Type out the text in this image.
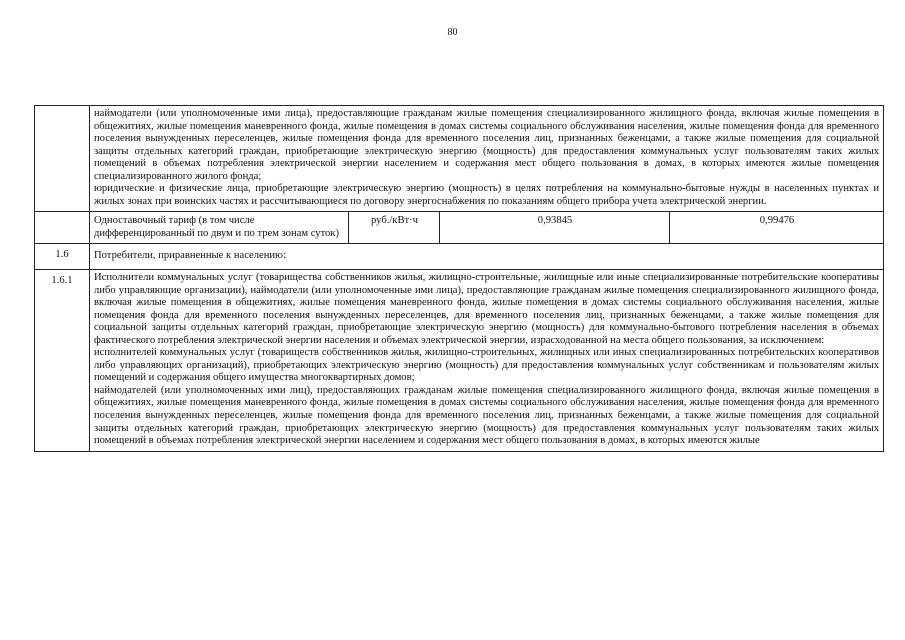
80

наймодатели (или уполномоченные ими лица), предоставляющие гражданам жилые помещения специализированного жилищного фонда, включая жилые помещения в общежитиях, жилые помещения маневренного фонда, жилые помещения в домах системы социального обслуживания населения, жилые помещения фонда для временного поселения вынужденных переселенцев, жилые помещения фонда для временного поселения лиц, признанных беженцами, а также жилые помещения для социальной защиты отдельных категорий граждан, приобретающие электрическую энергию (мощность) для предоставления коммунальных услуг пользователям таких жилых помещений в объемах потребления электрической энергии населением и содержания мест общего пользования в домах, в которых имеются жилые помещения специализированного жилого фонда;

юридические и физические лица, приобретающие электрическую энергию (мощность) в целях потребления на коммунально-бытовые нужды в населенных пунктах и жилых зонах при воинских частях и рассчитывающиеся по договору энергоснабжения по показаниям общего прибора учета электрической энергии.

Одноставочный тариф (в том числе дифференцированный по двум и по трем зонам суток)	руб./кВт·ч	0,93845	0,99476

1.6	Потребители, приравненные к населению:

1.6.1	Исполнители коммунальных услуг (товарищества собственников жилья, жилищно-строительные, жилищные или иные специализированные потребительские кооперативы либо управляющие организации), наймодатели (или уполномоченные ими лица), предоставляющие гражданам жилые помещения специализированного жилищного фонда, включая жилые помещения в общежитиях, жилые помещения маневренного фонда, жилые помещения в домах системы социального обслуживания населения, жилые помещения фонда для временного поселения вынужденных переселенцев, для временного поселения лиц, признанных беженцами, а также жилые помещения для социальной защиты отдельных категорий граждан, приобретающие электрическую энергию (мощность) для коммунально-бытового потребления населения в объемах фактического потребления электрической энергии населения и объемах электрической энергии, израсходованной на места общего пользования, за исключением:

исполнителей коммунальных услуг (товариществ собственников жилья, жилищно-строительных, жилищных или иных специализированных потребительских кооперативов либо управляющих организаций), приобретающих электрическую энергию (мощность) для предоставления коммунальных услуг собственникам и пользователям жилых помещений и содержания общего имущества многоквартирных домов;

наймодателей (или уполномоченных ими лиц), предоставляющих гражданам жилые помещения специализированного жилищного фонда, включая жилые помещения в общежитиях, жилые помещения маневренного фонда, жилые помещения в домах системы социального обслуживания населения, жилые помещения фонда для временного поселения вынужденных переселенцев, жилые помещения фонда для временного поселения лиц, признанных беженцами, а также жилые помещения для социальной защиты отдельных категорий граждан, приобретающих электрическую энергию (мощность) для предоставления коммунальных услуг пользователям таких жилых помещений в объемах потребления электрической энергии населением и содержания мест общего пользования в домах, в которых имеются жилые
